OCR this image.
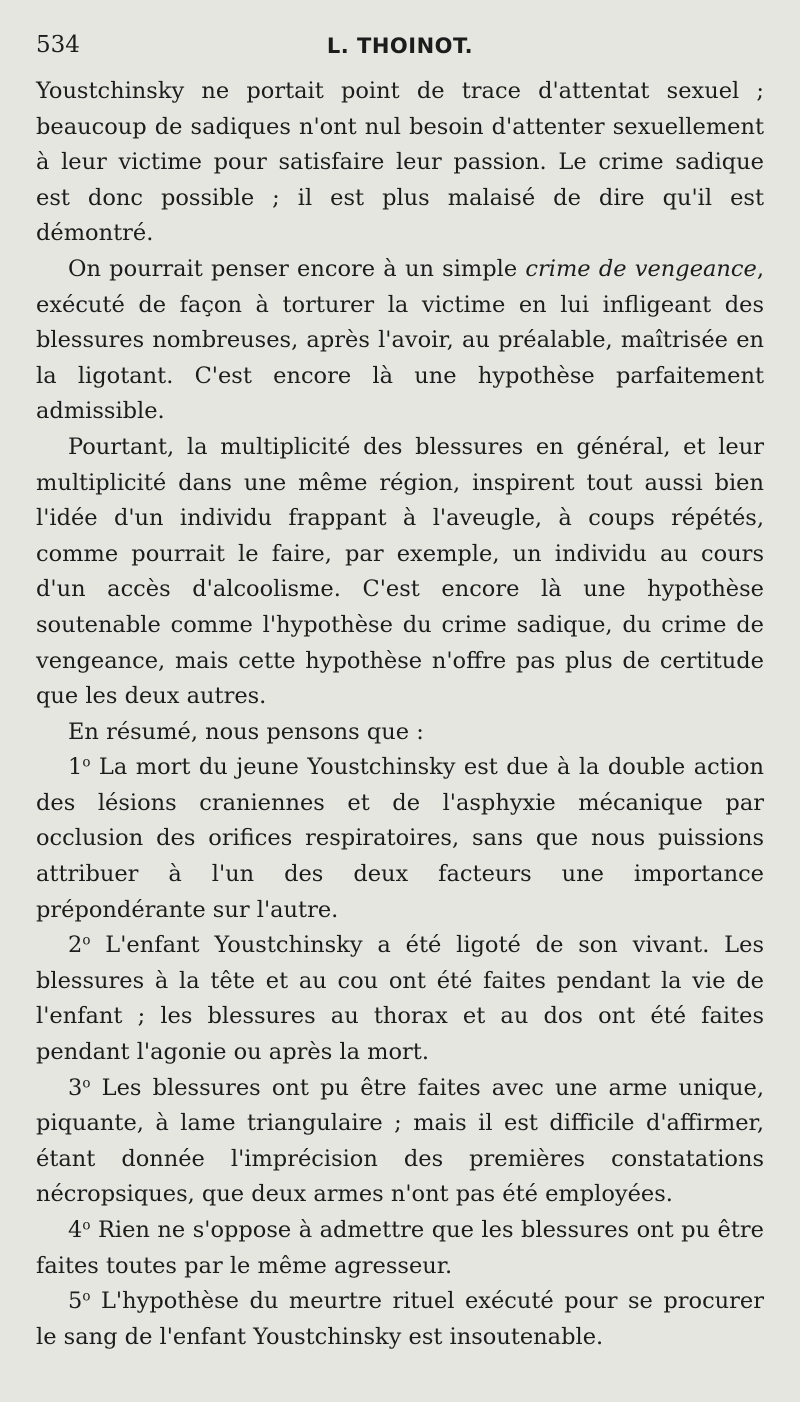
534	L. THOINOT.

Youstchinsky ne portait point de trace d'attentat sexuel ; beaucoup de sadiques n'ont nul besoin d'attenter sexuellement à leur victime pour satisfaire leur passion. Le crime sadique est donc possible ; il est plus malaisé de dire qu'il est démontré.

On pourrait penser encore à un simple crime de vengeance, exécuté de façon à torturer la victime en lui infligeant des blessures nombreuses, après l'avoir, au préalable, maîtrisée en la ligotant. C'est encore là une hypothèse parfaitement admissible.

Pourtant, la multiplicité des blessures en général, et leur multiplicité dans une même région, inspirent tout aussi bien l'idée d'un individu frappant à l'aveugle, à coups répétés, comme pourrait le faire, par exemple, un individu au cours d'un accès d'alcoolisme. C'est encore là une hypothèse soutenable comme l'hypothèse du crime sadique, du crime de vengeance, mais cette hypothèse n'offre pas plus de certitude que les deux autres.

En résumé, nous pensons que :

1$^o$ La mort du jeune Youstchinsky est due à la double action des lésions craniennes et de l'asphyxie mécanique par occlusion des orifices respiratoires, sans que nous puissions attribuer à l'un des deux facteurs une importance prépondérante sur l'autre.

2$^o$ L'enfant Youstchinsky a été ligoté de son vivant. Les blessures à la tête et au cou ont été faites pendant la vie de l'enfant ; les blessures au thorax et au dos ont été faites pendant l'agonie ou après la mort.

3$^o$ Les blessures ont pu être faites avec une arme unique, piquante, à lame triangulaire ; mais il est difficile d'affirmer, étant donnée l'imprécision des premières constatations nécropsiques, que deux armes n'ont pas été employées.

4$^o$ Rien ne s'oppose à admettre que les blessures ont pu être faites toutes par le même agresseur.

5$^o$ L'hypothèse du meurtre rituel exécuté pour se procurer le sang de l'enfant Youstchinsky est insoutenable.
